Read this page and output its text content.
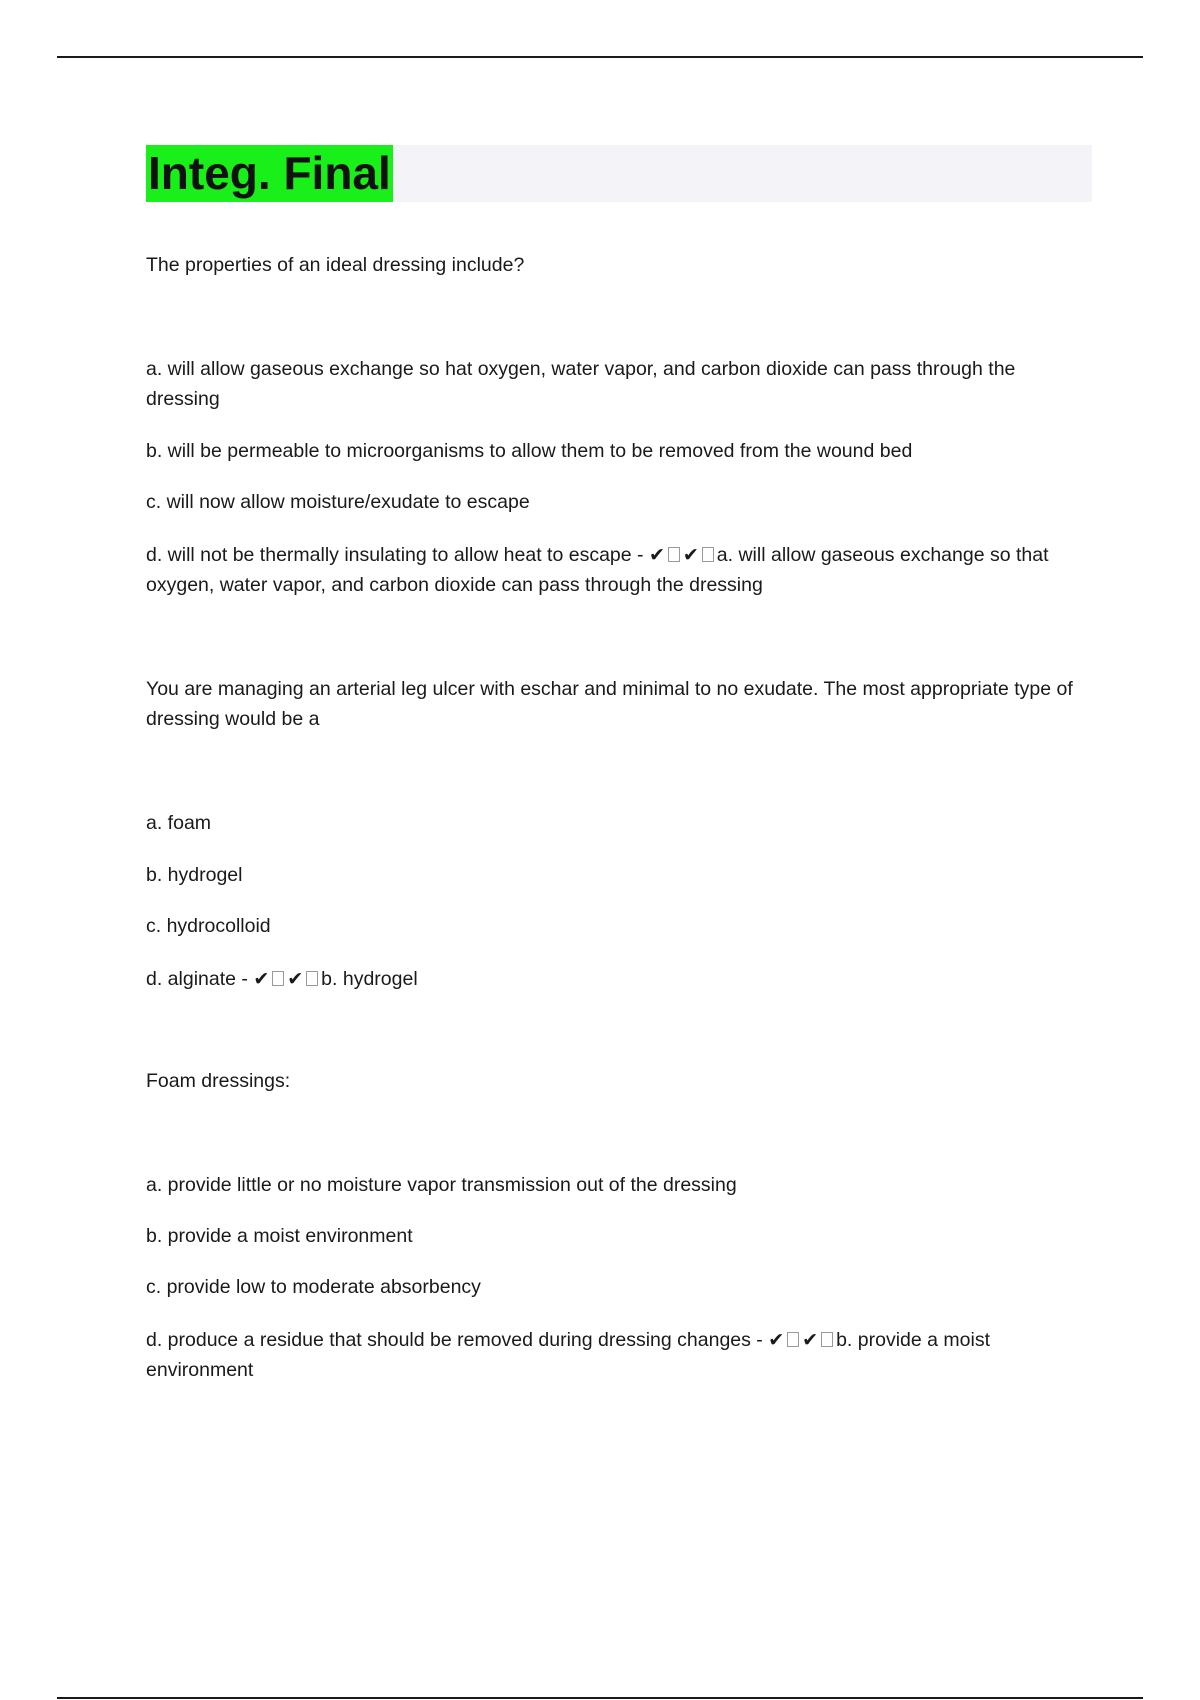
Integ. Final

The properties of an ideal dressing include?

a. will allow gaseous exchange so hat oxygen, water vapor, and carbon dioxide can pass through the dressing

b. will be permeable to microorganisms to allow them to be removed from the wound bed

c. will now allow moisture/exudate to escape

d. will not be thermally insulating to allow heat to escape - ✔ ✔ a. will allow gaseous exchange so that oxygen, water vapor, and carbon dioxide can pass through the dressing

You are managing an arterial leg ulcer with eschar and minimal to no exudate. The most appropriate type of dressing would be a

a. foam

b. hydrogel

c. hydrocolloid

d. alginate - ✔ ✔ b. hydrogel

Foam dressings:

a. provide little or no moisture vapor transmission out of the dressing

b. provide a moist environment

c. provide low to moderate absorbency

d. produce a residue that should be removed during dressing changes - ✔ ✔ b. provide a moist environment
